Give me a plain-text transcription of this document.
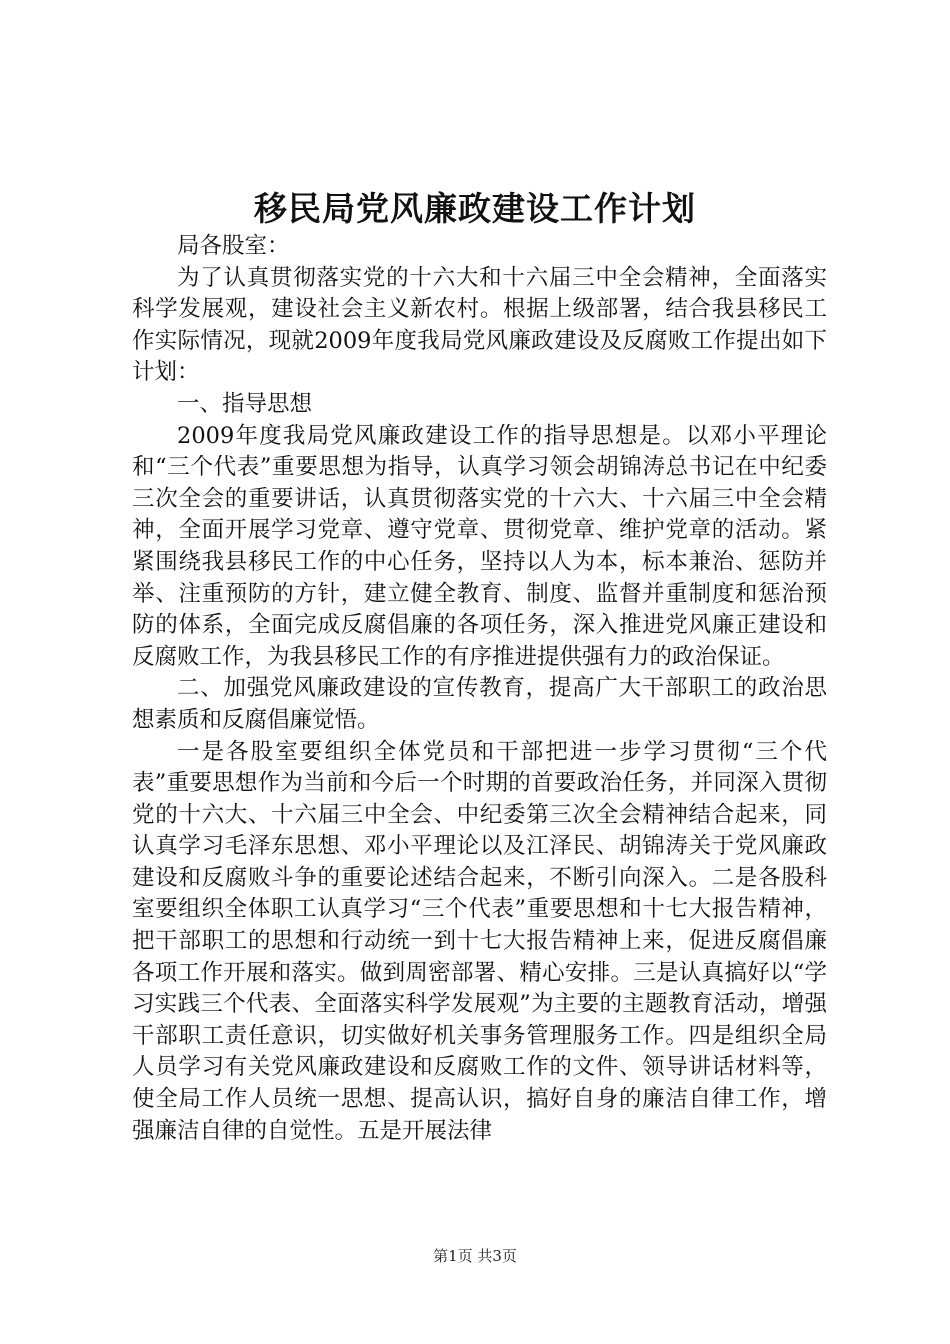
移民局党风廉政建设工作计划

局各股室：

为了认真贯彻落实党的十六大和十六届三中全会精神，全面落实科学发展观，建设社会主义新农村。根据上级部署，结合我县移民工作实际情况，现就2009年度我局党风廉政建设及反腐败工作提出如下计划：

一、指导思想

2009年度我局党风廉政建设工作的指导思想是。以邓小平理论和“三个代表”重要思想为指导，认真学习领会胡锦涛总书记在中纪委三次全会的重要讲话，认真贯彻落实党的十六大、十六届三中全会精神，全面开展学习党章、遵守党章、贯彻党章、维护党章的活动。紧紧围绕我县移民工作的中心任务，坚持以人为本，标本兼治、惩防并举、注重预防的方针，建立健全教育、制度、监督并重制度和惩治预防的体系，全面完成反腐倡廉的各项任务，深入推进党风廉正建设和反腐败工作，为我县移民工作的有序推进提供强有力的政治保证。

二、加强党风廉政建设的宣传教育，提高广大干部职工的政治思想素质和反腐倡廉觉悟。

一是各股室要组织全体党员和干部把进一步学习贯彻“三个代表”重要思想作为当前和今后一个时期的首要政治任务，并同深入贯彻党的十六大、十六届三中全会、中纪委第三次全会精神结合起来，同认真学习毛泽东思想、邓小平理论以及江泽民、胡锦涛关于党风廉政建设和反腐败斗争的重要论述结合起来，不断引向深入。二是各股科室要组织全体职工认真学习“三个代表”重要思想和十七大报告精神，把干部职工的思想和行动统一到十七大报告精神上来，促进反腐倡廉各项工作开展和落实。做到周密部署、精心安排。三是认真搞好以“学习实践三个代表、全面落实科学发展观”为主要的主题教育活动，增强干部职工责任意识，切实做好机关事务管理服务工作。四是组织全局人员学习有关党风廉政建设和反腐败工作的文件、领导讲话材料等，使全局工作人员统一思想、提高认识，搞好自身的廉洁自律工作，增强廉洁自律的自觉性。五是开展法律

第1页 共3页
